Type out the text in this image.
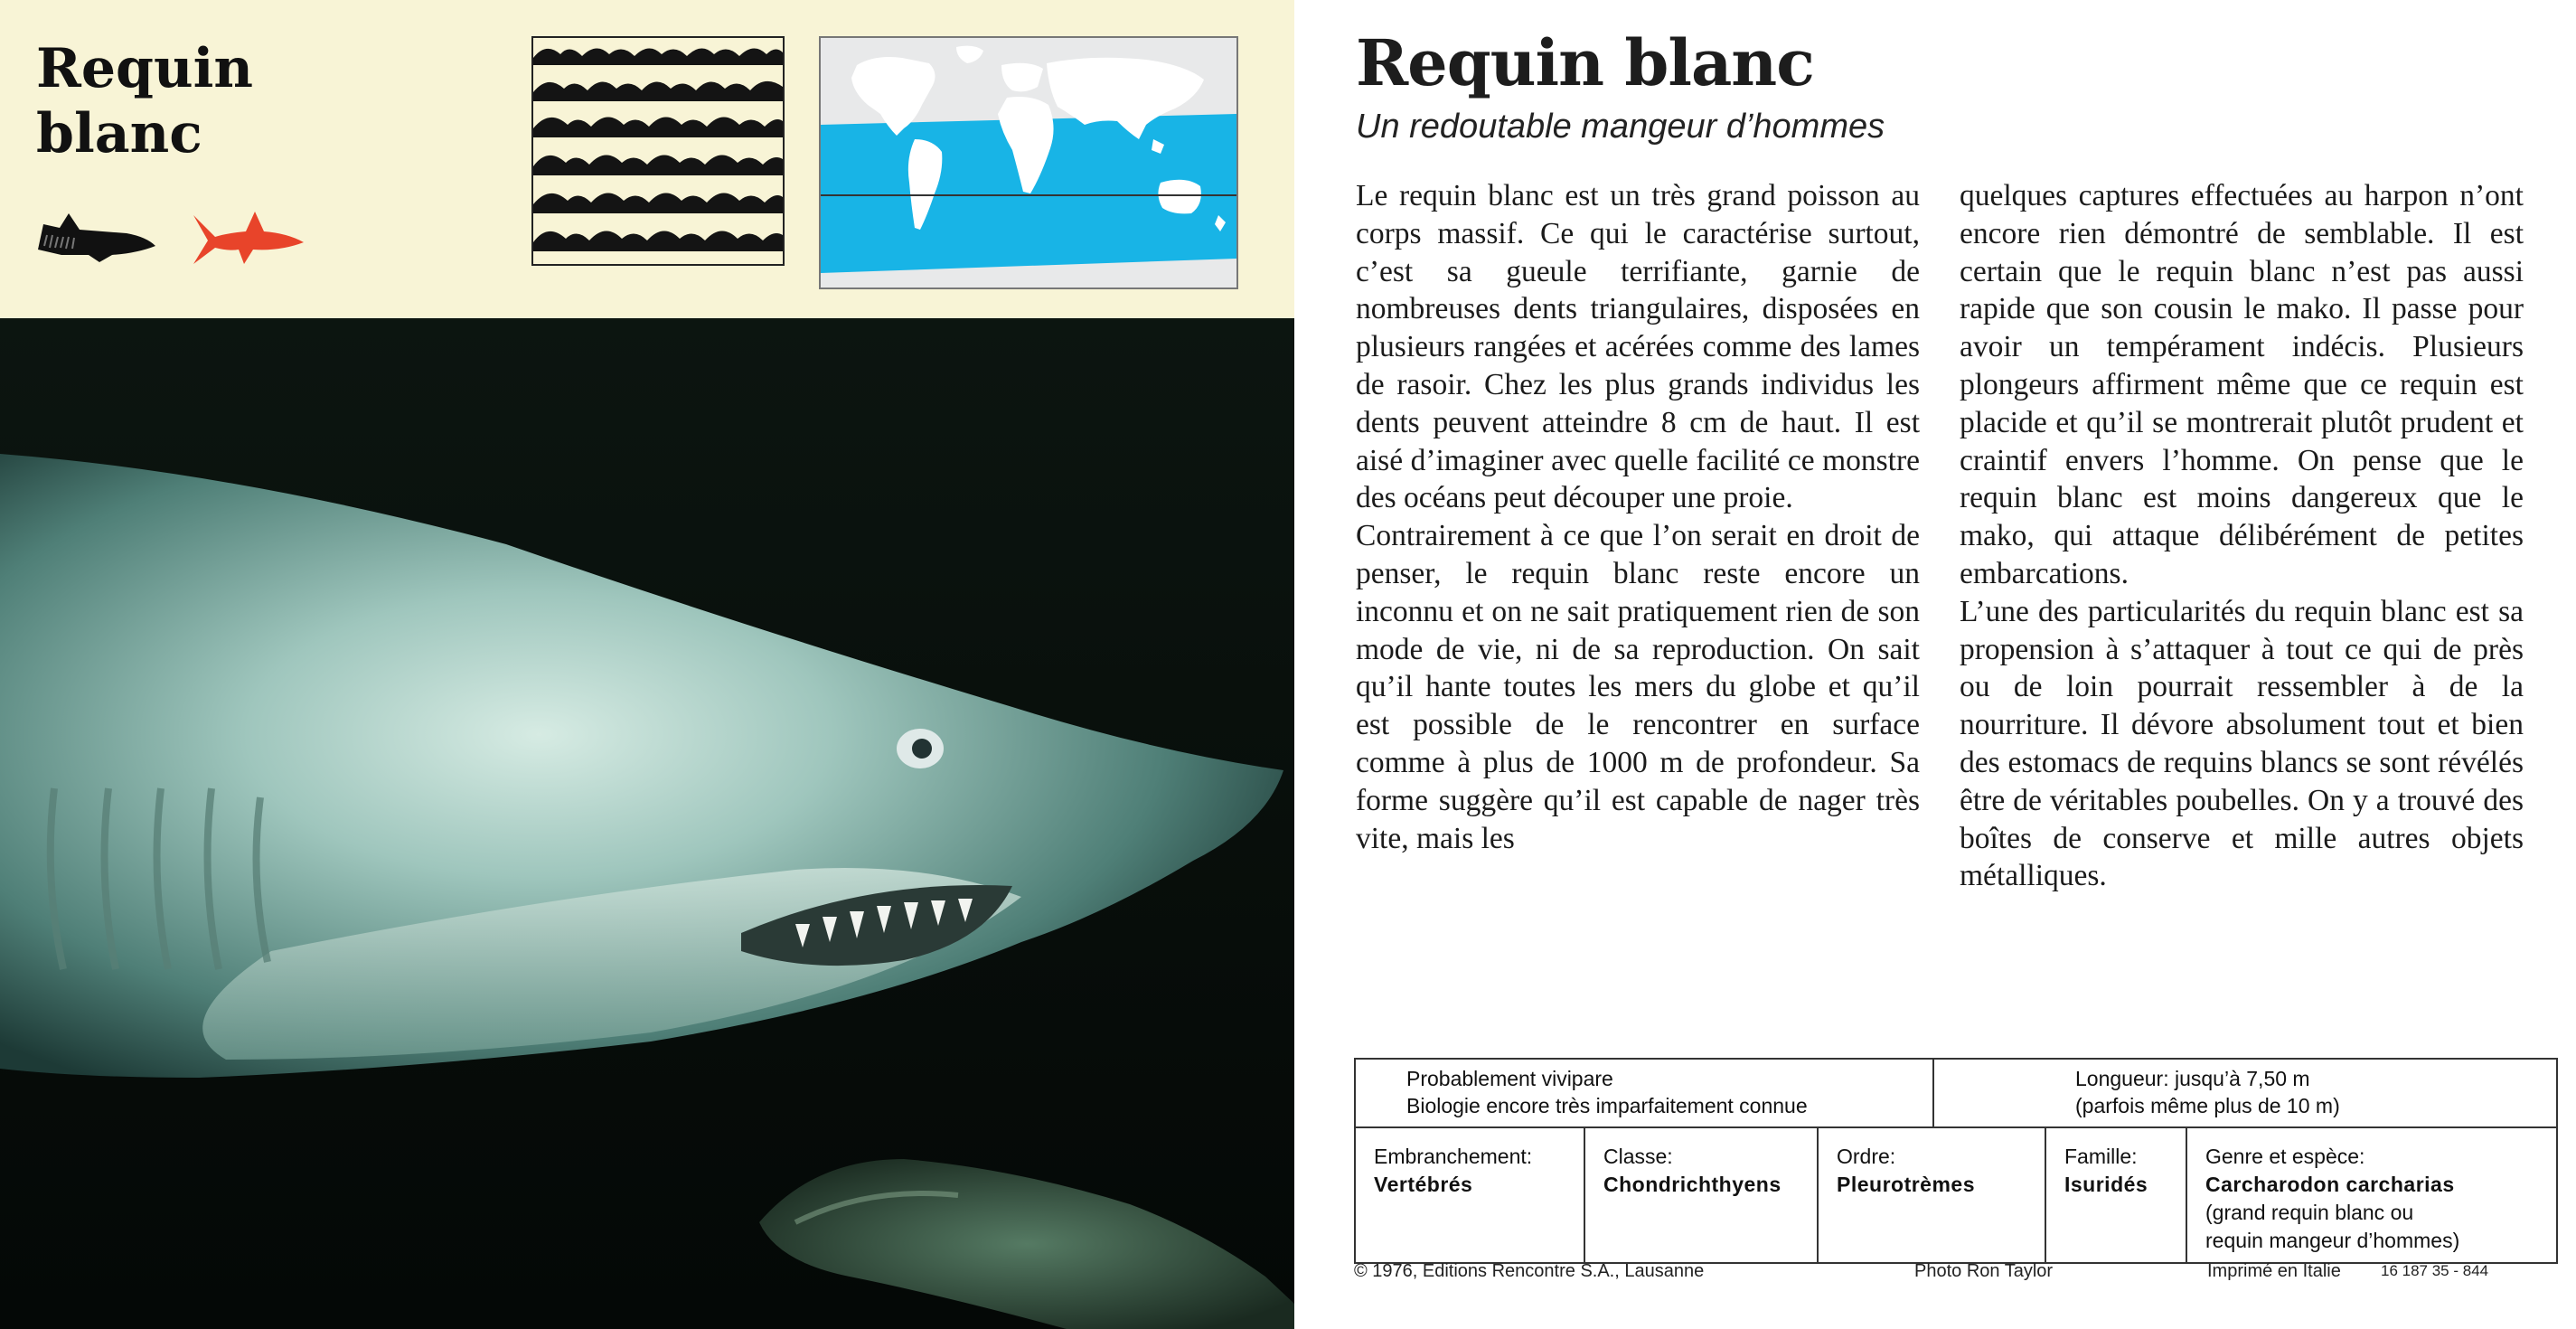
Requin
blanc
Requin blanc
Un redoutable mangeur d’hommes

Le requin blanc est un très grand poisson au corps massif. Ce qui le caractérise surtout, c’est sa gueule terrifiante, garnie de nombreuses dents triangulaires, disposées en plusieurs rangées et acérées comme des lames de rasoir. Chez les plus grands individus les dents peuvent atteindre 8 cm de haut. Il est aisé d’imaginer avec quelle facilité ce monstre des océans peut découper une proie.

Contrairement à ce que l’on serait en droit de penser, le requin blanc reste encore un inconnu et on ne sait pratiquement rien de son mode de vie, ni de sa reproduction. On sait qu’il hante toutes les mers du globe et qu’il est possible de le rencontrer en surface comme à plus de 1000 m de profondeur. Sa forme suggère qu’il est capable de nager très vite, mais les

quelques captures effectuées au harpon n’ont encore rien démontré de semblable. Il est certain que le requin blanc n’est pas aussi rapide que son cousin le mako. Il passe pour avoir un tempérament indécis. Plusieurs plongeurs affirment même que ce requin est placide et qu’il se montrerait plutôt prudent et craintif envers l’homme. On pense que le requin blanc est moins dangereux que le mako, qui attaque délibérément de petites embarcations.

L’une des particularités du requin blanc est sa propension à s’attaquer à tout ce qui de près ou de loin pourrait ressembler à de la nourriture. Il dévore absolument tout et bien des estomacs de requins blancs se sont révélés être de véritables poubelles. On y a trouvé des boîtes de conserve et mille autres objets métalliques.

Probablement vivipare
Biologie encore très imparfaitement connue
Longueur: jusqu’à 7,50 m
(parfois même plus de 10 m)
Embranchement:
Vertébrés
Classe:
Chondrichthyens
Ordre:
Pleurotrèmes
Famille:
Isuridés
Genre et espèce:
Carcharodon carcharias
(grand requin blanc ou
requin mangeur d’hommes)
© 1976, Editions Rencontre S.A., Lausanne	Photo Ron Taylor	Imprimé en Italie	16 187 35 - 844
